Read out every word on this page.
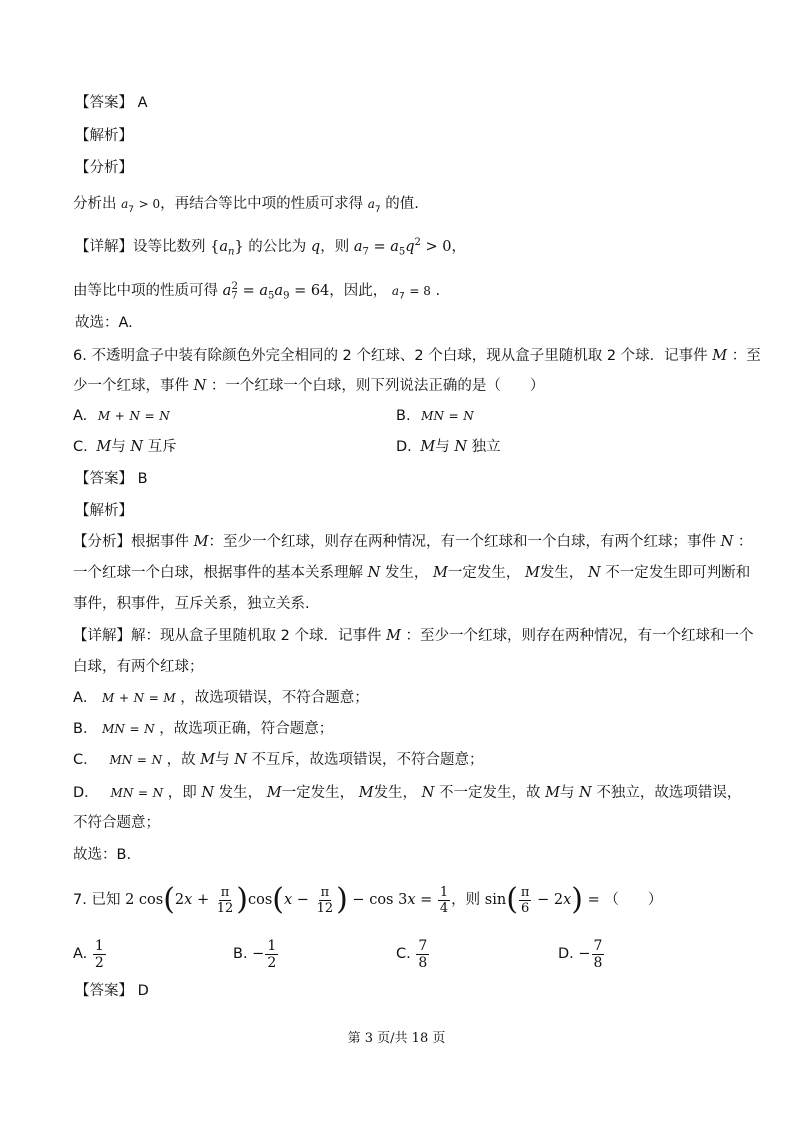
【答案】 A
【解析】
【分析】
分析出 $a_7 > 0$，再结合等比中项的性质可求得 $a_7$ 的值.
【详解】设等比数列 $\{a_n\}$ 的公比为 q，则 $a_7 = a_5q^2 > 0$，
由等比中项的性质可得 $a_7^2 = a_5a_9 = 64$，因此， $a_7 = 8$ .
故选：A.
6. 不透明盒子中装有除颜色外完全相同的 2 个红球、2 个白球，现从盒子里随机取 2 个球．记事件 M ：至
少一个红球，事件 N ：一个红球一个白球，则下列说法正确的是（　　）
A. M + N = N	B. MN = N
C. M与 N 互斥	D. M与 N 独立
【答案】 B
【解析】
【分析】根据事件 M：至少一个红球，则存在两种情况，有一个红球和一个白球，有两个红球；事件 N ：
一个红球一个白球，根据事件的基本关系理解 N 发生， M一定发生， M发生， N 不一定发生即可判断和
事件，积事件，互斥关系，独立关系.
【详解】解：现从盒子里随机取 2 个球．记事件 M ：至少一个红球，则存在两种情况，有一个红球和一个
白球，有两个红球；
A． M + N = M ，故选项错误，不符合题意；
B． MN = N ，故选项正确，符合题意；
C．　 MN = N ，故 M与 N 不互斥，故选项错误，不符合题意；
D．　 MN = N ，即 N 发生， M一定发生， M发生， N 不一定发生，故 M与 N 不独立，故选项错误，
不符合题意；
故选：B.
7. 已知 2 $\cos(2x + \frac{\pi}{12} )\cos(x - \frac{\pi}{12}$ ) − $\cos 3x = \frac{1}{4}$ ，则 $\sin( \frac{\pi}{6} - 2x)$ = （　　）
A. $\frac{1}{2}$	B. − $\frac{1}{2}$	C. $\frac{7}{8}$	D. − $\frac{7}{8}$
【答案】 D
第 3 页/共 18 页
